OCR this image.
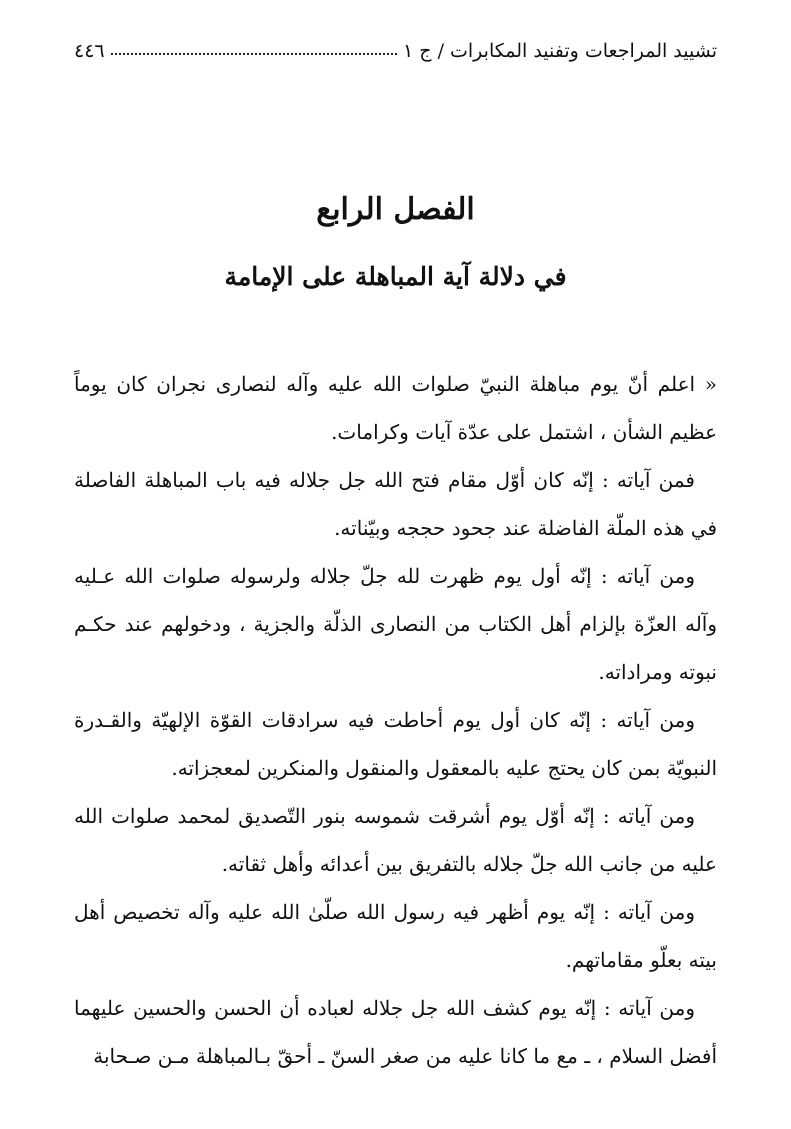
تشييد المراجعات وتفنيد المكابرات / ج ١
٤٤٦
الفصل الرابع
في دلالة آية المباهلة على الإمامة

« اعلم أنّ يوم مباهلة النبيّ صلوات الله عليه وآله لنصارى نجران كان يوماً عظيم الشأن ، اشتمل على عدّة آيات وكرامات.

فمن آياته : إنّه كان أوّل مقام فتح الله جل جلاله فيه باب المباهلة الفاصلة في هذه الملّة الفاضلة عند جحود حججه وبيّناته.

ومن آياته : إنّه أول يوم ظهرت لله جلّ جلاله ولرسوله صلوات الله عـليه وآله العزّة بإلزام أهل الكتاب من النصارى الذلّة والجزية ، ودخولهم عند حكـم نبوته ومراداته.

ومن آياته : إنّه كان أول يوم أحاطت فيه سرادقات القوّة الإلهيّة والقـدرة النبويّة بمن كان يحتج عليه بالمعقول والمنقول والمنكرين لمعجزاته.

ومن آياته : إنّه أوّل يوم أشرقت شموسه بنور التّصديق لمحمد صلوات الله عليه من جانب الله جلّ جلاله بالتفريق بين أعدائه وأهل ثقاته.

ومن آياته : إنّه يوم أظهر فيه رسول الله صلّىٰ الله عليه وآله تخصيص أهل بيته بعلّو مقاماتهم.

ومن آياته : إنّه يوم كشف الله جل جلاله لعباده أن الحسن والحسين عليهما أفضل السلام ، ـ مع ما كانا عليه من صغر السنّ ـ أحقّ بـالمباهلة مـن صـحابة
